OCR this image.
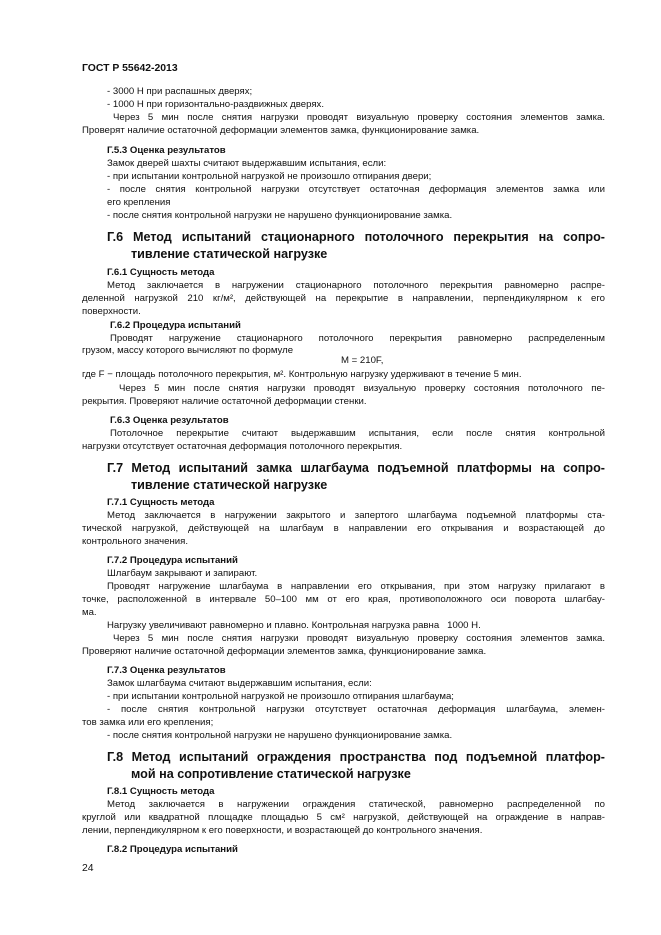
ГОСТ Р 55642-2013
- 3000 Н при распашных дверях;
- 1000 Н при горизонтально-раздвижных дверях.
Через 5 мин после снятия нагрузки проводят визуальную проверку состояния элементов замка.
Проверят наличие остаточной деформации элементов замка, функционирование замка.
Г.5.3 Оценка результатов
Замок дверей шахты считают выдержавшим испытания, если:
- при испытании контрольной нагрузкой не произошло отпирания двери;
- после снятия контрольной нагрузки отсутствует остаточная деформация элементов замка или
его крепления
- после снятия контрольной нагрузки не нарушено функционирование замка.
Г.6 Метод испытаний стационарного потолочного перекрытия на сопро-
тивление статической нагрузке
Г.6.1 Сущность метода
Метод заключается в нагружении стационарного потолочного перекрытия равномерно распре-
деленной нагрузкой 210 кг/м², действующей на перекрытие в направлении, перпендикулярном к его
поверхности.
Г.6.2 Процедура испытаний
Проводят нагружение стационарного потолочного перекрытия равномерно распределенным
грузом, массу которого вычисляют по формуле
M = 210F,
где F − площадь потолочного перекрытия, м². Контрольную нагрузку удерживают в течение 5 мин.
Через 5 мин после снятия нагрузки проводят визуальную проверку состояния потолочного пе-
рекрытия. Проверяют наличие остаточной деформации стенки.
Г.6.3 Оценка результатов
Потолочное перекрытие считают выдержавшим испытания, если после снятия контрольной
нагрузки отсутствует остаточная деформация потолочного перекрытия.
Г.7 Метод испытаний замка шлагбаума подъемной платформы на сопро-
тивление статической нагрузке
Г.7.1 Сущность метода
Метод заключается в нагружении закрытого и запертого шлагбаума подъемной платформы ста-
тической нагрузкой, действующей на шлагбаум в направлении его открывания и возрастающей до
контрольного значения.
Г.7.2 Процедура испытаний
Шлагбаум закрывают и запирают.
Проводят нагружение шлагбаума в направлении его открывания, при этом нагрузку прилагают в
точке, расположенной в интервале 50–100 мм от его края, противоположного оси поворота шлагбау-
ма.
Нагрузку увеличивают равномерно и плавно. Контрольная нагрузка равна   1000 Н.
Через 5 мин после снятия нагрузки проводят визуальную проверку состояния элементов замка.
Проверяют наличие остаточной деформации элементов замка, функционирование замка.
Г.7.3 Оценка результатов
Замок шлагбаума считают выдержавшим испытания, если:
- при испытании контрольной нагрузкой не произошло отпирания шлагбаума;
- после снятия контрольной нагрузки отсутствует остаточная деформация шлагбаума, элемен-
тов замка или его крепления;
- после снятия контрольной нагрузки не нарушено функционирование замка.
Г.8 Метод испытаний ограждения пространства под подъемной платфор-
мой на сопротивление статической нагрузке
Г.8.1 Сущность метода
Метод заключается в нагружении ограждения статической, равномерно распределенной по
круглой или квадратной площадке площадью 5 см² нагрузкой, действующей на ограждение в направ-
лении, перпендикулярном к его поверхности, и возрастающей до контрольного значения.
Г.8.2 Процедура испытаний
24
